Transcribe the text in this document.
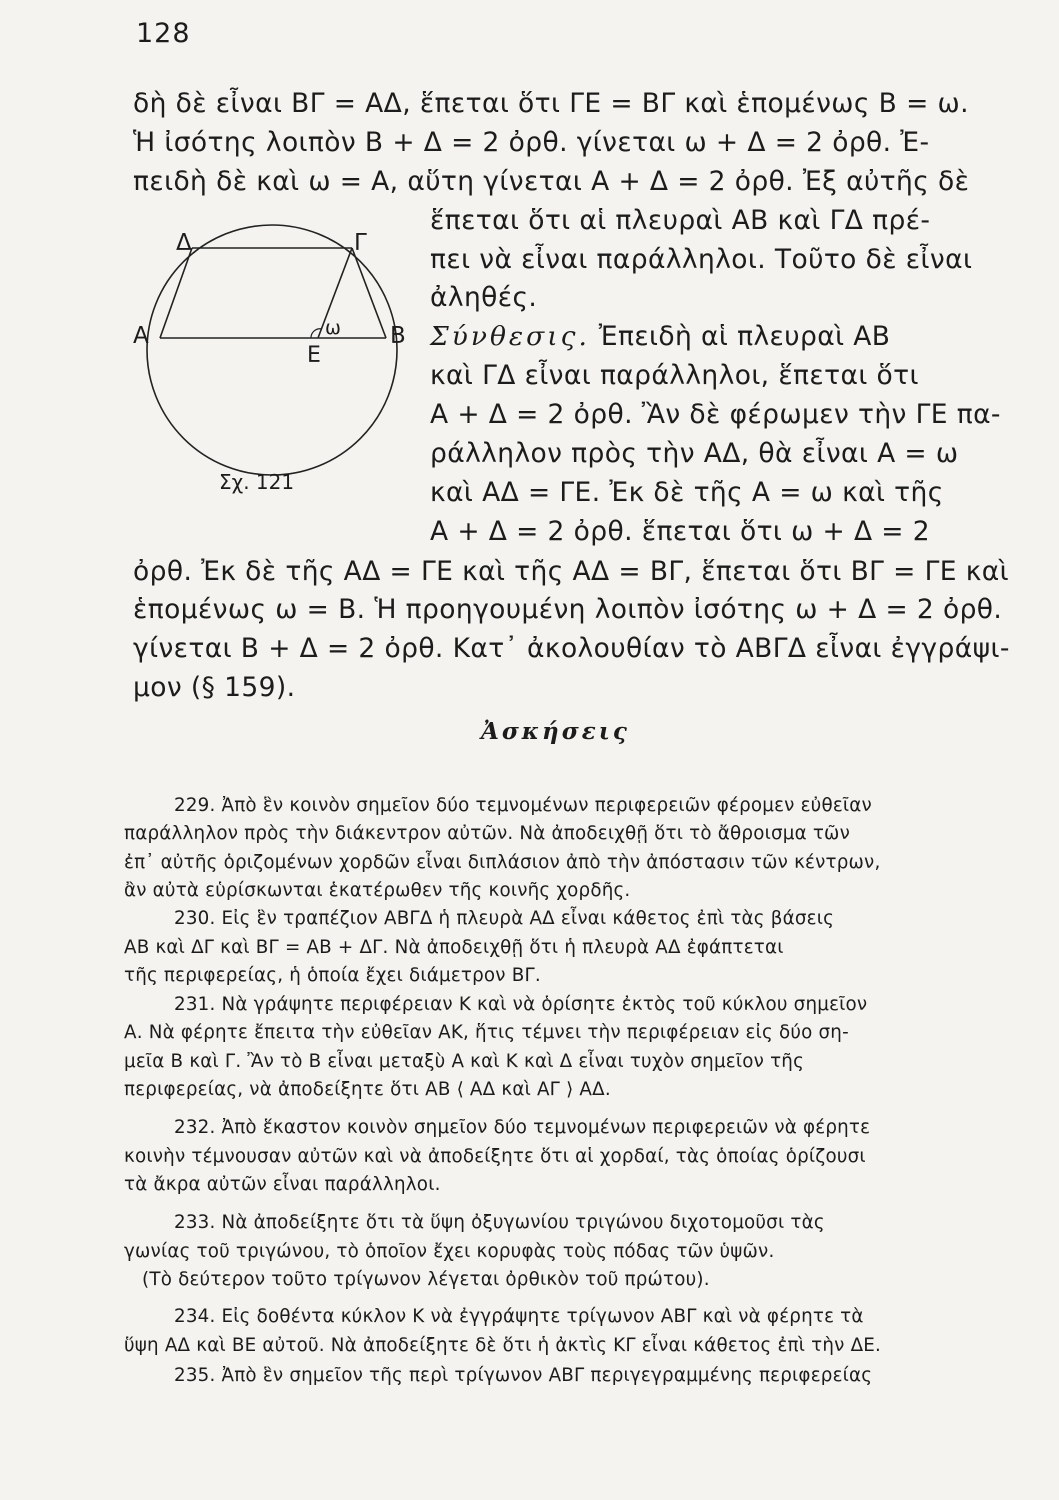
128
δὴ δὲ εἶναι ΒΓ = ΑΔ, ἕπεται ὅτι ΓΕ = ΒΓ καὶ ἑπομένως Β = ω.
Ἡ ἰσότης λοιπὸν Β + Δ = 2 ὀρθ. γίνεται ω + Δ = 2 ὀρθ. Ἐ-
πειδὴ δὲ καὶ ω = Α, αὕτη γίνεται Α + Δ = 2 ὀρθ. Ἐξ αὐτῆς δὲ
ἕπεται ὅτι αἱ πλευραὶ ΑΒ καὶ ΓΔ πρέ-
πει νὰ εἶναι παράλληλοι. Τοῦτο δὲ εἶναι
ἀληθές.
Σύνθεσις. Ἐπειδὴ αἱ πλευραὶ ΑΒ
καὶ ΓΔ εἶναι παράλληλοι, ἕπεται ὅτι
Α + Δ = 2 ὀρθ. Ἂν δὲ φέρωμεν τὴν ΓΕ πα-
ράλληλον πρὸς τὴν ΑΔ, θὰ εἶναι Α = ω
καὶ ΑΔ = ΓΕ. Ἐκ δὲ τῆς Α = ω καὶ τῆς
Α + Δ = 2 ὀρθ. ἕπεται ὅτι ω + Δ = 2
ὀρθ. Ἐκ δὲ τῆς ΑΔ = ΓΕ καὶ τῆς ΑΔ = ΒΓ, ἕπεται ὅτι ΒΓ = ΓΕ καὶ
ἑπομένως ω = Β. Ἡ προηγουμένη λοιπὸν ἰσότης ω + Δ = 2 ὀρθ.
γίνεται Β + Δ = 2 ὀρθ. Κατ᾽ ἀκολουθίαν τὸ ΑΒΓΔ εἶναι ἐγγράψι-
μον (§ 159).
Α	Β
Γ
Δ
Ε
ω
Σχ. 121
Ἀσκήσεις
229. Ἀπὸ ἓν κοινὸν σημεῖον δύο τεμνομένων περιφερειῶν φέρομεν εὐθεῖαν
παράλληλον πρὸς τὴν διάκεντρον αὐτῶν. Νὰ ἀποδειχθῇ ὅτι τὸ ἄθροισμα τῶν
ἐπ᾽ αὐτῆς ὁριζομένων χορδῶν εἶναι διπλάσιον ἀπὸ τὴν ἀπόστασιν τῶν κέντρων,
ἂν αὐτὰ εὑρίσκωνται ἑκατέρωθεν τῆς κοινῆς χορδῆς.
230. Εἰς ἓν τραπέζιον ΑΒΓΔ ἡ πλευρὰ ΑΔ εἶναι κάθετος ἐπὶ τὰς βάσεις
ΑΒ καὶ ΔΓ καὶ ΒΓ = ΑΒ + ΔΓ. Νὰ ἀποδειχθῇ ὅτι ἡ πλευρὰ ΑΔ ἐφάπτεται
τῆς περιφερείας, ἡ ὁποία ἔχει διάμετρον ΒΓ.
231. Νὰ γράψητε περιφέρειαν Κ καὶ νὰ ὁρίσητε ἐκτὸς τοῦ κύκλου σημεῖον
Α. Νὰ φέρητε ἔπειτα τὴν εὐθεῖαν ΑΚ, ἥτις τέμνει τὴν περιφέρειαν εἰς δύο ση-
μεῖα Β καὶ Γ. Ἂν τὸ Β εἶναι μεταξὺ Α καὶ Κ καὶ Δ εἶναι τυχὸν σημεῖον τῆς
περιφερείας, νὰ ἀποδείξητε ὅτι ΑΒ ⟨ ΑΔ καὶ ΑΓ ⟩ ΑΔ.
232. Ἀπὸ ἕκαστον κοινὸν σημεῖον δύο τεμνομένων περιφερειῶν νὰ φέρητε
κοινὴν τέμνουσαν αὐτῶν καὶ νὰ ἀποδείξητε ὅτι αἱ χορδαί, τὰς ὁποίας ὁρίζουσι
τὰ ἄκρα αὐτῶν εἶναι παράλληλοι.
233. Νὰ ἀποδείξητε ὅτι τὰ ὕψη ὀξυγωνίου τριγώνου διχοτομοῦσι τὰς
γωνίας τοῦ τριγώνου, τὸ ὁποῖον ἔχει κορυφὰς τοὺς πόδας τῶν ὑψῶν.
(Τὸ δεύτερον τοῦτο τρίγωνον λέγεται ὀρθικὸν τοῦ πρώτου).
234. Εἰς δοθέντα κύκλον Κ νὰ ἐγγράψητε τρίγωνον ΑΒΓ καὶ νὰ φέρητε τὰ
ὕψη ΑΔ καὶ ΒΕ αὐτοῦ. Νὰ ἀποδείξητε δὲ ὅτι ἡ ἀκτὶς ΚΓ εἶναι κάθετος ἐπὶ τὴν ΔΕ.
235. Ἀπὸ ἓν σημεῖον τῆς περὶ τρίγωνον ΑΒΓ περιγεγραμμένης περιφερείας
